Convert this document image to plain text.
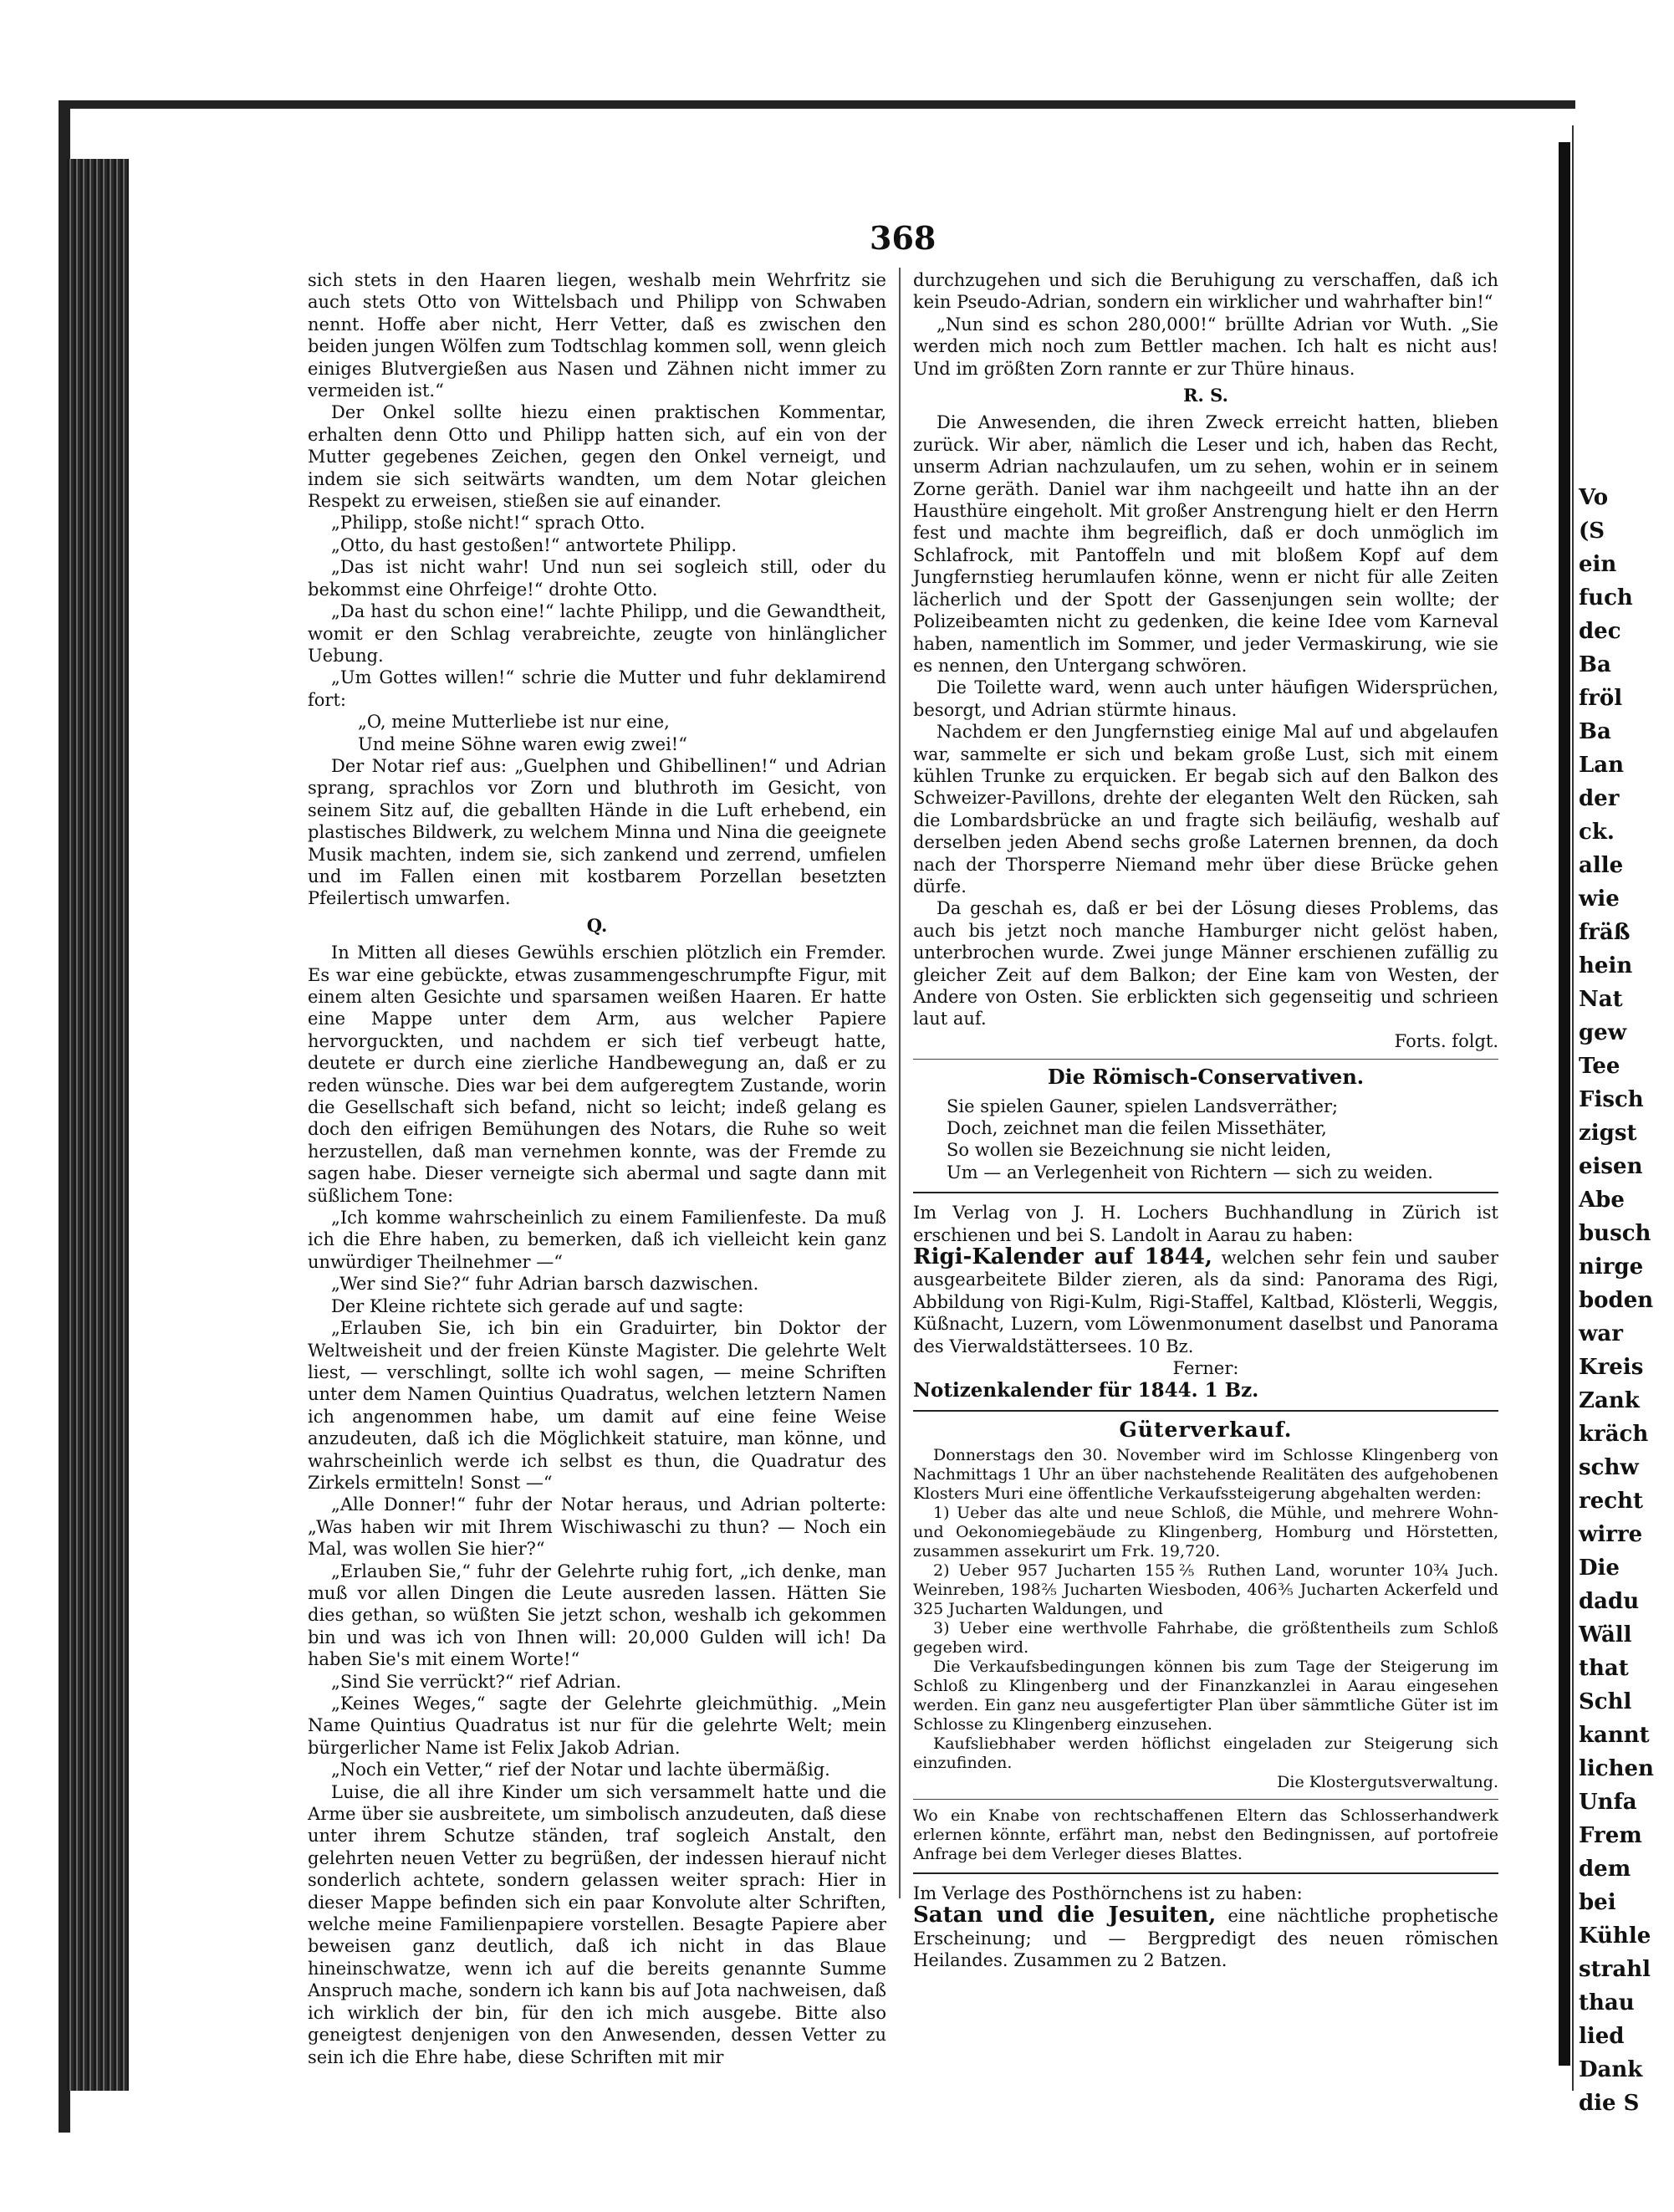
Vo
(S
ein
fuch
dec
Ba
fröl
Ba
Lan
der
ck.
alle
wie
fräß
hein
Nat
gew
Tee
Fisch
zigst
eisen
Abe
busch
nirge
boden
war
Kreis
Zank
kräch
schw
recht
wirre
Die
dadu
Wäll
that
Schl
kannt
lichen
Unfa
Frem
dem
bei
Kühle
strahl
thau
lied
Dank
die S
368

sich stets in den Haaren liegen, weshalb mein Wehrfritz sie auch stets Otto von Wittelsbach und Philipp von Schwaben nennt. Hoffe aber nicht, Herr Vetter, daß es zwischen den beiden jungen Wölfen zum Todtschlag kommen soll, wenn gleich einiges Blutvergießen aus Nasen und Zähnen nicht immer zu vermeiden ist.“

Der Onkel sollte hiezu einen praktischen Kommentar, erhalten denn Otto und Philipp hatten sich, auf ein von der Mutter gegebenes Zeichen, gegen den Onkel verneigt, und indem sie sich seitwärts wandten, um dem Notar gleichen Respekt zu erweisen, stießen sie auf einander.

„Philipp, stoße nicht!“ sprach Otto.

„Otto, du hast gestoßen!“ antwortete Philipp.

„Das ist nicht wahr! Und nun sei sogleich still, oder du bekommst eine Ohrfeige!“ drohte Otto.

„Da hast du schon eine!“ lachte Philipp, und die Gewandtheit, womit er den Schlag verabreichte, zeugte von hinlänglicher Uebung.

„Um Gottes willen!“ schrie die Mutter und fuhr deklamirend fort:

„O, meine Mutterliebe ist nur eine,

Und meine Söhne waren ewig zwei!“

Der Notar rief aus: „Guelphen und Ghibellinen!“ und Adrian sprang, sprachlos vor Zorn und bluthroth im Gesicht, von seinem Sitz auf, die geballten Hände in die Luft erhebend, ein plastisches Bildwerk, zu welchem Minna und Nina die geeignete Musik machten, indem sie, sich zankend und zerrend, umfielen und im Fallen einen mit kostbarem Porzellan besetzten Pfeilertisch umwarfen.

Q.

In Mitten all dieses Gewühls erschien plötzlich ein Fremder. Es war eine gebückte, etwas zusammengeschrumpfte Figur, mit einem alten Gesichte und sparsamen weißen Haaren. Er hatte eine Mappe unter dem Arm, aus welcher Papiere hervorguckten, und nachdem er sich tief verbeugt hatte, deutete er durch eine zierliche Handbewegung an, daß er zu reden wünsche. Dies war bei dem aufgeregtem Zustande, worin die Gesellschaft sich befand, nicht so leicht; indeß gelang es doch den eifrigen Bemühungen des Notars, die Ruhe so weit herzustellen, daß man vernehmen konnte, was der Fremde zu sagen habe. Dieser verneigte sich abermal und sagte dann mit süßlichem Tone:

„Ich komme wahrscheinlich zu einem Familienfeste. Da muß ich die Ehre haben, zu bemerken, daß ich vielleicht kein ganz unwürdiger Theilnehmer —“

„Wer sind Sie?“ fuhr Adrian barsch dazwischen.

Der Kleine richtete sich gerade auf und sagte:

„Erlauben Sie, ich bin ein Graduirter, bin Doktor der Weltweisheit und der freien Künste Magister. Die gelehrte Welt liest, — verschlingt, sollte ich wohl sagen, — meine Schriften unter dem Namen Quintius Quadratus, welchen letztern Namen ich angenommen habe, um damit auf eine feine Weise anzudeuten, daß ich die Möglichkeit statuire, man könne, und wahrscheinlich werde ich selbst es thun, die Quadratur des Zirkels ermitteln! Sonst —“

„Alle Donner!“ fuhr der Notar heraus, und Adrian polterte: „Was haben wir mit Ihrem Wischiwaschi zu thun? — Noch ein Mal, was wollen Sie hier?“

„Erlauben Sie,“ fuhr der Gelehrte ruhig fort, „ich denke, man muß vor allen Dingen die Leute ausreden lassen. Hätten Sie dies gethan, so wüßten Sie jetzt schon, weshalb ich gekommen bin und was ich von Ihnen will: 20,000 Gulden will ich! Da haben Sie's mit einem Worte!“

„Sind Sie verrückt?“ rief Adrian.

„Keines Weges,“ sagte der Gelehrte gleichmüthig. „Mein Name Quintius Quadratus ist nur für die gelehrte Welt; mein bürgerlicher Name ist Felix Jakob Adrian.

„Noch ein Vetter,“ rief der Notar und lachte übermäßig.

Luise, die all ihre Kinder um sich versammelt hatte und die Arme über sie ausbreitete, um simbolisch anzudeuten, daß diese unter ihrem Schutze ständen, traf sogleich Anstalt, den gelehrten neuen Vetter zu begrüßen, der indessen hierauf nicht sonderlich achtete, sondern gelassen weiter sprach: Hier in dieser Mappe befinden sich ein paar Konvolute alter Schriften, welche meine Familienpapiere vorstellen. Besagte Papiere aber beweisen ganz deutlich, daß ich nicht in das Blaue hineinschwatze, wenn ich auf die bereits genannte Summe Anspruch mache, sondern ich kann bis auf Jota nachweisen, daß ich wirklich der bin, für den ich mich ausgebe. Bitte also geneigtest denjenigen von den Anwesenden, dessen Vetter zu sein ich die Ehre habe, diese Schriften mit mir

durchzugehen und sich die Beruhigung zu verschaffen, daß ich kein Pseudo-Adrian, sondern ein wirklicher und wahrhafter bin!“

„Nun sind es schon 280,000!“ brüllte Adrian vor Wuth. „Sie werden mich noch zum Bettler machen. Ich halt es nicht aus! Und im größten Zorn rannte er zur Thüre hinaus.

R. S.

Die Anwesenden, die ihren Zweck erreicht hatten, blieben zurück. Wir aber, nämlich die Leser und ich, haben das Recht, unserm Adrian nachzulaufen, um zu sehen, wohin er in seinem Zorne geräth. Daniel war ihm nachgeeilt und hatte ihn an der Hausthüre eingeholt. Mit großer Anstrengung hielt er den Herrn fest und machte ihm begreiflich, daß er doch unmöglich im Schlafrock, mit Pantoffeln und mit bloßem Kopf auf dem Jungfernstieg herumlaufen könne, wenn er nicht für alle Zeiten lächerlich und der Spott der Gassenjungen sein wollte; der Polizeibeamten nicht zu gedenken, die keine Idee vom Karneval haben, namentlich im Sommer, und jeder Vermaskirung, wie sie es nennen, den Untergang schwören.

Die Toilette ward, wenn auch unter häufigen Widersprüchen, besorgt, und Adrian stürmte hinaus.

Nachdem er den Jungfernstieg einige Mal auf und abgelaufen war, sammelte er sich und bekam große Lust, sich mit einem kühlen Trunke zu erquicken. Er begab sich auf den Balkon des Schweizer-Pavillons, drehte der eleganten Welt den Rücken, sah die Lombardsbrücke an und fragte sich beiläufig, weshalb auf derselben jeden Abend sechs große Laternen brennen, da doch nach der Thorsperre Niemand mehr über diese Brücke gehen dürfe.

Da geschah es, daß er bei der Lösung dieses Problems, das auch bis jetzt noch manche Hamburger nicht gelöst haben, unterbrochen wurde. Zwei junge Männer erschienen zufällig zu gleicher Zeit auf dem Balkon; der Eine kam von Westen, der Andere von Osten. Sie erblickten sich gegenseitig und schrieen laut auf.

Forts. folgt.

Die Römisch-Conservativen.

Sie spielen Gauner, spielen Landsverräther;

Doch, zeichnet man die feilen Missethäter,

So wollen sie Bezeichnung sie nicht leiden,

Um — an Verlegenheit von Richtern — sich zu weiden.

Im Verlag von J. H. Lochers Buchhandlung in Zürich ist erschienen und bei S. Landolt in Aarau zu haben:

Rigi-Kalender auf 1844, welchen sehr fein und sauber ausgearbeitete Bilder zieren, als da sind: Panorama des Rigi, Abbildung von Rigi-Kulm, Rigi-Staffel, Kaltbad, Klösterli, Weggis, Küßnacht, Luzern, vom Löwenmonument daselbst und Panorama des Vierwaldstättersees. 10 Bz.

Ferner:

Notizenkalender für 1844. 1 Bz.

Güterverkauf.

Donnerstags den 30. November wird im Schlosse Klingenberg von Nachmittags 1 Uhr an über nachstehende Realitäten des aufgehobenen Klosters Muri eine öffentliche Verkaufssteigerung abgehalten werden:

1) Ueber das alte und neue Schloß, die Mühle, und mehrere Wohn- und Oekonomiegebäude zu Klingenberg, Homburg und Hörstetten, zusammen assekurirt um Frk. 19,720.

2) Ueber 957 Jucharten 155⅖ Ruthen Land, worunter 10¾ Juch. Weinreben, 198⅖ Jucharten Wiesboden, 406⅗ Jucharten Ackerfeld und 325 Jucharten Waldungen, und

3) Ueber eine werthvolle Fahrhabe, die größtentheils zum Schloß gegeben wird.

Die Verkaufsbedingungen können bis zum Tage der Steigerung im Schloß zu Klingenberg und der Finanzkanzlei in Aarau eingesehen werden. Ein ganz neu ausgefertigter Plan über sämmtliche Güter ist im Schlosse zu Klingenberg einzusehen.

Kaufsliebhaber werden höflichst eingeladen zur Steigerung sich einzufinden.

Die Klostergutsverwaltung.

Wo ein Knabe von rechtschaffenen Eltern das Schlosserhandwerk erlernen könnte, erfährt man, nebst den Bedingnissen, auf portofreie Anfrage bei dem Verleger dieses Blattes.

Im Verlage des Posthörnchens ist zu haben:

Satan und die Jesuiten, eine nächtliche prophetische Erscheinung; und — Bergpredigt des neuen römischen Heilandes. Zusammen zu 2 Batzen.
